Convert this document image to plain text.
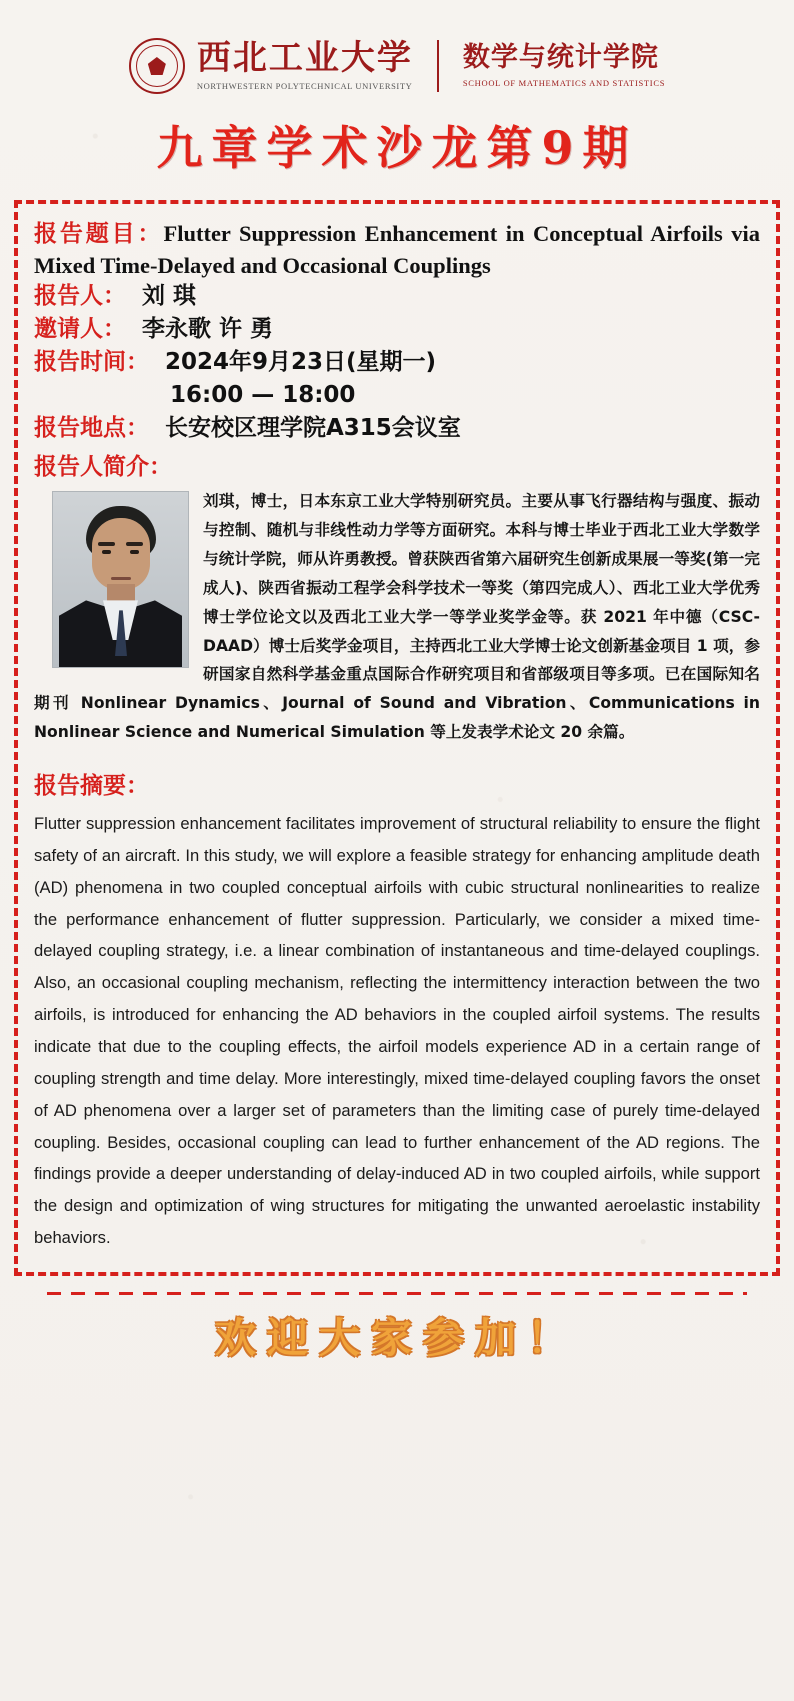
西北工业大学
NORTHWESTERN POLYTECHNICAL UNIVERSITY
数学与统计学院
SCHOOL OF MATHEMATICS AND STATISTICS
九章学术沙龙第9期
报告题目：Flutter Suppression Enhancement in Conceptual Airfoils via Mixed Time-Delayed and Occasional Couplings
报告人： 刘 琪
邀请人： 李永歌 许 勇
报告时间： 2024年9月23日(星期一)
16:00 — 18:00
报告地点： 长安校区理学院A315会议室
报告人简介：
刘琪，博士，日本东京工业大学特别研究员。主要从事飞行器结构与强度、振动与控制、随机与非线性动力学等方面研究。本科与博士毕业于西北工业大学数学与统计学院，师从许勇教授。曾获陕西省第六届研究生创新成果展一等奖(第一完成人)、陕西省振动工程学会科学技术一等奖（第四完成人）、西北工业大学优秀博士学位论文以及西北工业大学一等学业奖学金等。获 2021 年中德（CSC-DAAD）博士后奖学金项目，主持西北工业大学博士论文创新基金项目 1 项，参研国家自然科学基金重点国际合作研究项目和省部级项目等多项。已在国际知名期刊 Nonlinear Dynamics、Journal of Sound and Vibration、Communications in Nonlinear Science and Numerical Simulation 等上发表学术论文 20 余篇。
报告摘要：
Flutter suppression enhancement facilitates improvement of structural reliability to ensure the flight safety of an aircraft. In this study, we will explore a feasible strategy for enhancing amplitude death (AD) phenomena in two coupled conceptual airfoils with cubic structural nonlinearities to realize the performance enhancement of flutter suppression. Particularly, we consider a mixed time-delayed coupling strategy, i.e. a linear combination of instantaneous and time-delayed couplings. Also, an occasional coupling mechanism, reflecting the intermittency interaction between the two airfoils, is introduced for enhancing the AD behaviors in the coupled airfoil systems. The results indicate that due to the coupling effects, the airfoil models experience AD in a certain range of coupling strength and time delay. More interestingly, mixed time-delayed coupling favors the onset of AD phenomena over a larger set of parameters than the limiting case of purely time-delayed coupling. Besides, occasional coupling can lead to further enhancement of the AD regions. The findings provide a deeper understanding of delay-induced AD in two coupled airfoils, while support the design and optimization of wing structures for mitigating the unwanted aeroelastic instability behaviors.
欢迎大家参加！
